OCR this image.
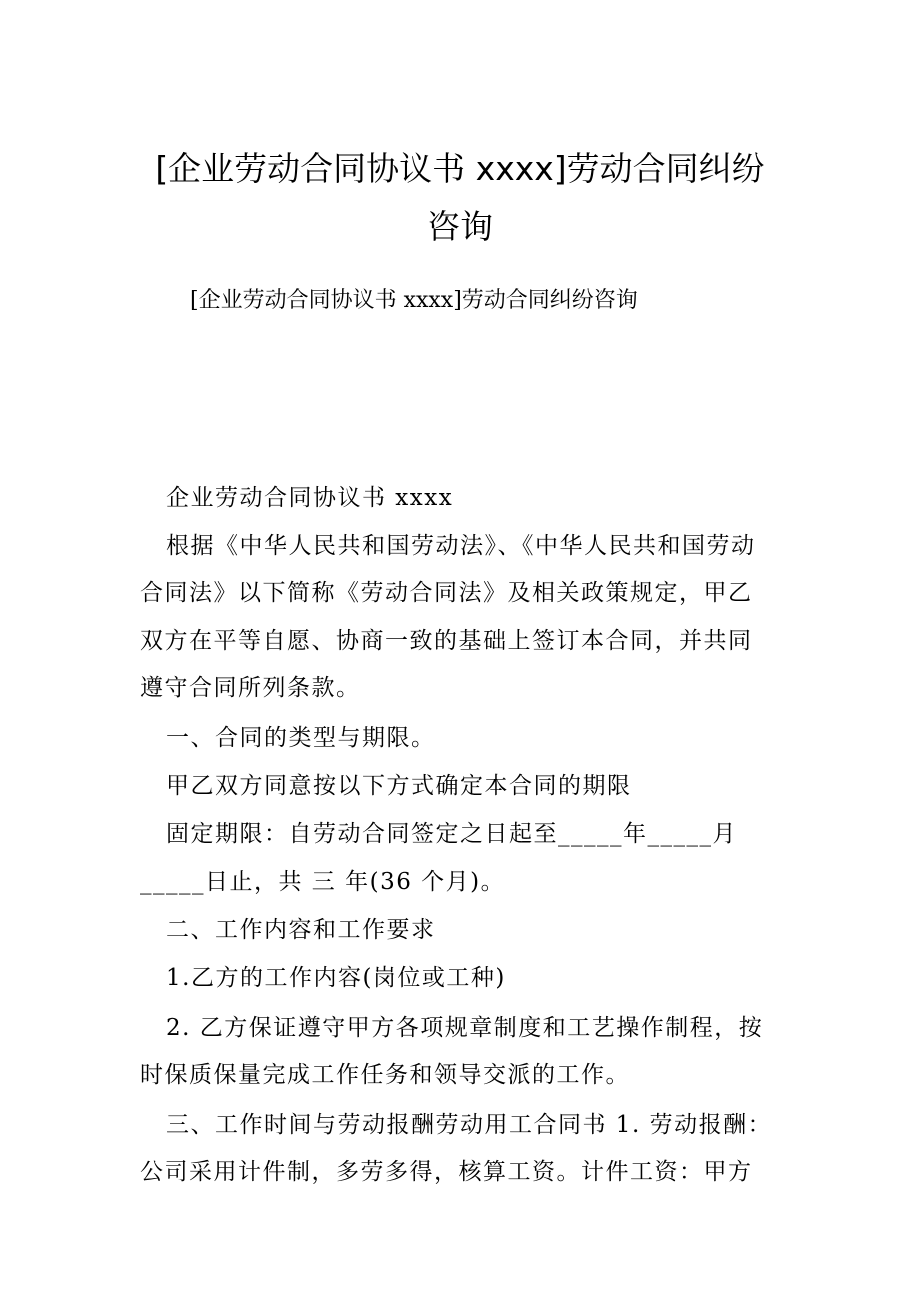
[企业劳动合同协议书 xxxx]劳动合同纠纷
咨询

[企业劳动合同协议书 xxxx]劳动合同纠纷咨询

企业劳动合同协议书 xxxx

根据《中华人民共和国劳动法》、《中华人民共和国劳动

合同法》以下简称《劳动合同法》及相关政策规定，甲乙

双方在平等自愿、协商一致的基础上签订本合同，并共同

遵守合同所列条款。

一、合同的类型与期限。

甲乙双方同意按以下方式确定本合同的期限

固定期限：自劳动合同签定之日起至_____年_____月

_____日止，共 三 年(36 个月)。

二、工作内容和工作要求

1.乙方的工作内容(岗位或工种)

2. 乙方保证遵守甲方各项规章制度和工艺操作制程，按

时保质保量完成工作任务和领导交派的工作。

三、工作时间与劳动报酬劳动用工合同书 1. 劳动报酬：

公司采用计件制，多劳多得，核算工资。计件工资：甲方
